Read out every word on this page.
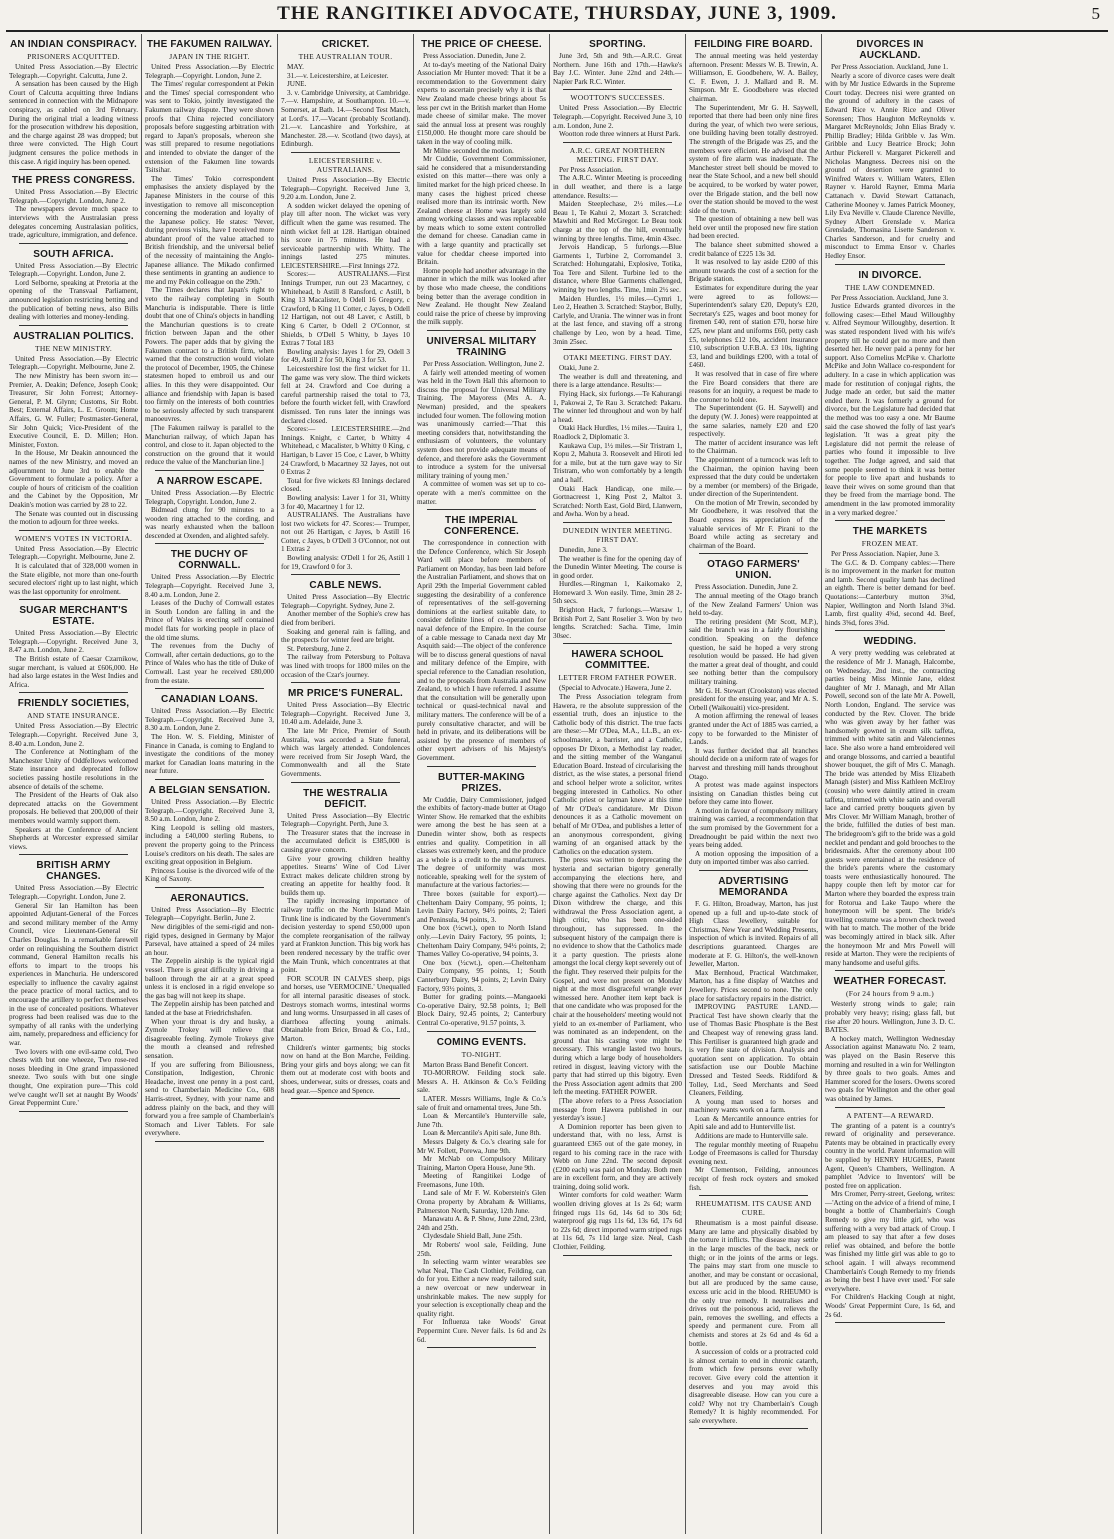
THE RANGITIKEI ADVOCATE, THURSDAY, JUNE 3, 1909.	5
AN INDIAN CONSPIRACY.
PRISONERS ACQUITTED.

United Press Association.—By Electric Telegraph.—Copyright. Calcutta, June 2.

A sensation has been caused by the High Court of Calcutta acquitting three Indians sentenced in connection with the Midnapore conspiracy, as cabled on 3rd February. During the original trial a leading witness for the prosecution withdrew his deposition, and the charge against 28 was dropped; but three were convicted. The High Court judgment censures the police methods in this case. A rigid inquiry has been opened.

THE PRESS CONGRESS.

United Press Association.—By Electric Telegraph.—Copyright. London, June 2.

The newspapers devote much space to interviews with the Australasian press delegates concerning Australasian politics, trade, agriculture, immigration, and defence.

SOUTH AFRICA.

United Press Association.—By Electric Telegraph.—Copyright. London, June 2.

Lord Selborne, speaking at Pretoria at the opening of the Transvaal Parliament, announced legislation restricting betting and the publication of betting news, also Bills dealing with lotteries and money-lending.

AUSTRALIAN POLITICS.
THE NEW MINISTRY.

United Press Association.—By Electric Telegraph.—Copyright. Melbourne, June 2.

The new Ministry has been sworn in:—Premier, A. Deakin; Defence, Joseph Cook; Treasurer, Sir John Forrest; Attorney-General, P. M. Glynn; Customs, Sir Robt. Best; External Affairs, L. E. Groom; Home Affairs, G. W. Fuller; Postmaster-General, Sir John Quick; Vice-President of the Executive Council, E. D. Millen; Hon. Minister, Foxton.

In the House, Mr Deakin announced the names of the new Ministry, and moved an adjournment to June 3rd to enable the Government to formulate a policy. After a couple of hours of criticism of the coalition and the Cabinet by the Opposition, Mr Deakin's motion was carried by 28 to 22.

The Senate was counted out in discussing the motion to adjourn for three weeks.

WOMEN'S VOTES IN VICTORIA.

United Press Association.—By Electric Telegraph.—Copyright. Melbourne, June 2.

It is calculated that of 328,000 women in the State eligible, not more than one-fourth secured electors' right up to last night, which was the last opportunity for enrolment.

SUGAR MERCHANT'S ESTATE.

United Press Association.—By Electric Telegraph.—Copyright. Received June 3, 8.47 a.m. London, June 2.

The British estate of Caesar Czarnikow, sugar merchant, is valued at £606,000. He had also large estates in the West Indies and Africa.

FRIENDLY SOCIETIES,
AND STATE INSURANCE.

United Press Association.—By Electric Telegraph.—Copyright. Received June 3, 8.40 a.m. London, June 2.

The Conference at Nottingham of the Manchester Unity of Oddfellows welcomed State insurance and deprecated follow societies passing hostile resolutions in the absence of details of the scheme.

The President of the Hearts of Oak also deprecated attacks on the Government proposals. He believed that 200,000 of their members would warmly support them.

Speakers at the Conference of Ancient Shepherds at Worcester expressed similar views.

BRITISH ARMY CHANGES.

United Press Association.—By Electric Telegraph.—Copyright. London, June 2.

General Sir Ian Hamilton has been appointed Adjutant-General of the Forces and second military member of the Army Council, vice Lieutenant-General Sir Charles Douglas. In a remarkable farewell order on relinquishing the Southern district command, General Hamilton recalls his efforts to impart to the troops his experiences in Manchuria. He underscored especially to influence the cavalry against the peace practice of moral tactics, and to encourage the artillery to perfect themselves in the use of concealed positions. Whatever progress had been realised was due to the sympathy of all ranks with the underlying aim, namely, preparedness and efficiency for war.

Two lovers with one evil-same cold, Two chests with but one wheeze, Two rose-red noses bleeding in One grand impassioned sneeze. Two souls with but one single thought, One expiration pure—'This cold we've caught we'll set at naught By Woods' Great Peppermint Cure.'

THE FAKUMEN RAILWAY.
JAPAN IN THE RIGHT.

United Press Association.—By Electric Telegraph.—Copyright. London, June 2.

The Times' regular correspondent at Pekin and the Times' special correspondent who was sent to Tokio, jointly investigated the Fakumen railway dispute. They were shown proofs that China rejected conciliatory proposals before suggesting arbitration with regard to Japan's proposals, whereon she was still prepared to resume negotiations and intended to obviate the danger of the extension of the Fakumen line towards Tsitsihar.

The Times' Tokio correspondent emphasises the anxiety displayed by the Japanese Ministers in the course of this investigation to remove all misconception concerning the moderation and loyalty of the Japanese policy. He states: 'Never, during previous visits, have I received more abundant proof of the value attached to British friendship, and the universal belief of the necessity of maintaining the Anglo-Japanese alliance. The Mikado confirmed these sentiments in granting an audience to me and my Pekin colleague on the 29th.'

The Times declares that Japan's right to veto the railway completing in South Manchuria is indisputable. There is little doubt that one of China's objects in handling the Manchurian questions is to create friction between Japan and the other Powers. The paper adds that by giving the Fakumen contract to a British firm, when warned that the construction would violate the protocol of December, 1905, the Chinese statesmen hoped to embroil us and our allies. In this they were disappointed. Our alliance and friendship with Japan is based too firmly on the interests of both countries to be seriously affected by such transparent manoeuvres.

[The Fakumen railway is parallel to the Manchurian railway, of which Japan has control, and close to it. Japan objected to the construction on the ground that it would reduce the value of the Manchurian line.]

A NARROW ESCAPE.

United Press Association.—By Electric Telegraph, Copyright. London, June 2.

Bidmead clung for 90 minutes to a wooden ring attached to the cording, and was nearly exhausted when the balloon descended at Oxenden, and alighted safely.

THE DUCHY OF CORNWALL.

United Press Association.—By Electric Telegraph—Copyright. Received June 3, 8.40 a.m. London, June 2.

Leases of the Duchy of Cornwall estates in South London are falling in and the Prince of Wales is erecting self contained model flats for working people in place of the old time slums.

The revenues from the Duchy of Cornwall, after certain deductions, go to the Prince of Wales who has the title of Duke of Cornwall. Last year he received £80,000 from the estate.

CANADIAN LOANS.

United Press Association.—By Electric Telegraph.—Copyright. Received June 3, 8.30 a.m. London, June 2.

The Hon. W. S. Fielding, Minister of Finance in Canada, is coming to England to investigate the conditions of the money market for Canadian loans maturing in the near future.

A BELGIAN SENSATION.

United Press Association.—By Electric Telegraph.—Copyright. Received June 3, 8.50 a.m. London, June 2.

King Leopold is selling old masters, including a £40,000 sterling Rubens, to prevent the property going to the Princess Louise's creditors on his death. The sales are exciting great opposition in Belgium.

Princess Louise is the divorced wife of the King of Saxony.

AERONAUTICS.

United Press Association—By Electric Telegraph—Copyright. Berlin, June 2.

New dirigibles of the semi-rigid and non-rigid types, designed in Germany by Major Parseval, have attained a speed of 24 miles an hour.

The Zeppelin airship is the typical rigid vessel. There is great difficulty in driving a balloon through the air at a great speed unless it is enclosed in a rigid envelope so the gas bag will not keep its shape.

The Zeppelin airship has been patched and landed at the base at Friedrichshafen.

When your throat is dry and husky, a Zymole Trokey will relieve that disagreeable feeling. Zymole Trokeys give the mouth a cleansed and refreshed sensation.

If you are suffering from Biliousness, Constipation, Indigestion, Chronic Headache, invest one penny in a post card, send to Chamberlain Medicine Co., 608 Harris-street, Sydney, with your name and address plainly on the back, and they will forward you a free sample of Chamberlain's Stomach and Liver Tablets. For sale everywhere.

CRICKET.
THE AUSTRALIAN TOUR.

MAY.

31.—v. Leicestershire, at Leicester.

JUNE.

3. v. Cambridge University, at Cambridge. 7.—v. Hampshire, at Southampton. 10.—v. Somerset, at Bath. 14.—Second Test Match, at Lord's. 17.—Vacant (probably Scotland). 21.—v. Lancashire and Yorkshire, at Manchester. 28.—v. Scotland (two days), at Edinburgh.

LEICESTERSHIRE v. AUSTRALIANS.

United Press Association—By Electric Telegraph—Copyright. Received June 3, 9.20 a.m. London, June 2.

A sodden wicket delayed the opening of play till after noon. The wicket was very difficult when the game was resumed. The ninth wicket fell at 128. Hartigan obtained his score in 75 minutes. He had a serviceable partnership with Whitty. The innings lasted 275 minutes. LEICESTERSHIRE.—First Innings 272.

Scores:— AUSTRALIANS.—First Innings Trumper, run out 23 Macartney, c Whitehead, b Astill 8 Ransford, c Astill, b King 13 Macalister, b Odell 16 Gregory, c Crawford, b King 11 Cotter, c Jayes, b Odell 12 Hartigan, not out 48 Laver, c Astill, b King 6 Carter, b Odell 2 O'Connor, st Shields, b O'Dell 5 Whitty, b Jayes 10 Extras 7 Total 183

Bowling analysis: Jayes 1 for 29, Odell 3 for 49, Astill 2 for 50, King 3 for 53.

Leicestershire lost the first wicket for 11. The game was very slow. The third wickets fell at 24. Crawford and Coe during a careful partnership raised the total to 73, before the fourth wicket fell, with Crawford dismissed. Ten runs later the innings was declared closed.

Scores:— LEICESTERSHIRE.—2nd Innings. Knight, c Carter, b Whitty 4 Whitehead, c Macalister, b Whitty 0 King, c Hartigan, b Laver 15 Coe, c Laver, b Whitty 24 Crawford, b Macartney 32 Jayes, not out 0 Extras 2

Total for five wickets 83 Innings declared closed.

Bowling analysis: Laver 1 for 31, Whitty 3 for 40, Macartney 1 for 12.

AUSTRALIANS. The Australians have lost two wickets for 47. Scores:— Trumper, not out 26 Hartigan, c Jayes, b Astill 16 Cotter, c Jayes, b O'Dell 3 O'Connor, not out 1 Extras 2

Bowling analysis: O'Dell 1 for 26, Astill 1 for 19, Crawford 0 for 3.

CABLE NEWS.

United Press Association—By Electric Telegraph—Copyright. Sydney, June 2.

Another member of the Sophie's crew has died from beriberi.

Soaking and general rain is falling, and the prospects for winter feed are bright.

St. Petersburg, June 2.

The railway from Petersburg to Poltava was lined with troops for 1800 miles on the occasion of the Czar's journey.

MR PRICE'S FUNERAL.

United Press Association—By Electric Telegraph—Copyright. Received June 3, 10.40 a.m. Adelaide, June 3.

The late Mr Price, Premier of South Australia, was accorded a State funeral, which was largely attended. Condolences were received from Sir Joseph Ward, the Commonwealth and all the State Governments.

THE WESTRALIA DEFICIT.

United Press Association—By Electric Telegraph—Copyright. Perth, June 3.

The Treasurer states that the increase in the accumulated deficit is £385,000 is causing grave concern.

Give your growing children healthy appetites. Stearns' Wine of Cod Liver Extract makes delicate children strong by creating an appetite for healthy food. It builds them up.

The rapidly increasing importance of railway traffic on the North Island Main Trunk line is indicated by the Government's decision yesterday to spend £50,000 upon the complete reorganisation of the railway yard at Frankton Junction. This big work has been rendered necessary by the traffic over the Main Trunk, which concentrates at that point.

FOR SCOUR IN CALVES sheep, pigs and horses, use 'VERMOCINE.' Unequalled for all internal parasitic diseases of stock. Destroys stomach worms, intestinal worms and lung worms. Unsurpassed in all cases of diarrhoea affecting young animals. Obtainable from Brice, Broad & Co., Ltd., Marton.

Children's winter garments; big stocks now on hand at the Bon Marche, Feilding. Bring your girls and boys along; we can fit them out at moderate cost with boots and shoes, underwear, suits or dresses, coats and head gear.—Spence and Spence.

THE PRICE OF CHEESE.

Press Association. Dunedin, June 2.

At to-day's meeting of the National Dairy Association Mr Hunter moved: That it be a recommendation to the Government dairy experts to ascertain precisely why it is that New Zealand made cheese brings about 5s less per cwt in the British market than Home made cheese of similar make. The mover said the annual loss at present was roughly £150,000. He thought more care should be taken in the way of cooling milk.

Mr Milne seconded the motion.

Mr Cuddie, Government Commissioner, said he considered that a misunderstanding existed on this matter—there was only a limited market for the high priced cheese. In many cases the highest priced cheese realised more than its intrinsic worth. New Zealand cheese at Home was largely sold among working classes and was replaceable by meats which to some extent controlled the demand for cheese. Canadian came in with a large quantity and practically set value for cheddar cheese imported into Britain.

Home people had another advantage in the manner in which the milk was looked after by those who made cheese, the conditions being better than the average condition in New Zealand. He thought New Zealand could raise the price of cheese by improving the milk supply.

UNIVERSAL MILITARY TRAINING

Per Press Association. Wellington, June 2.

A fairly well attended meeting of women was held in the Town Hall this afternoon to discuss the proposal for Universal Military Training. The Mayoress (Mrs A. A. Newman) presided, and the speakers included four women. The following motion was unanimously carried:—'That this meeting considers that, notwithstanding the enthusiasm of volunteers, the voluntary system does not provide adequate means of defence, and therefore asks the Government to introduce a system for the universal military training of young men.'

A committee of women was set up to co-operate with a men's committee on the matter.

THE IMPERIAL CONFERENCE.

The correspondence in connection with the Defence Conference, which Sir Joseph Ward will place before members of Parliament on Monday, has been laid before the Australian Parliament, and shows that on April 29th the Imperial Government cabled suggesting the desirability of a conference of representatives of the self-governing dominions at the earliest suitable date, to consider definite lines of co-operation for naval defence of the Empire. In the course of a cable message to Canada next day Mr Asquith said:—The object of the conference will be to discuss general questions of naval and military defence of the Empire, with special reference to the Canadian resolution, and to the proposals from Australia and New Zealand, to which I have referred. I assume that the consultation will be generally upon technical or quasi-technical naval and military matters. The conference will be of a purely consultative character, and will be held in private, and its deliberations will be assisted by the presence of members of other expert advisers of his Majesty's Government.

BUTTER-MAKING PRIZES.

Mr Cuddie, Dairy Commissioner, judged the exhibits of factory-made butter at Otago Winter Show. He remarked that the exhibits were among the best he has seen at a Dunedin winter show, both as respects entries and quality. Competition in all classes was extremely keen, and the produce as a whole is a credit to the manufacturers. The degree of uniformity was most noticeable, speaking well for the system of manufacture at the various factories:—

Three boxes (suitable for export).—Cheltenham Dairy Company, 95 points, 1; Levin Dairy Factory, 94½ points, 2; Taieri and Peninsula, 94 points, 3.

One box (½cwt.), open to North Island only.—Levin Dairy Factory, 95 points, 1; Cheltenham Dairy Company, 94½ points, 2; Thames Valley Co-operative, 94 points, 3.

One box (½cwt.), open.—Cheltenham Dairy Company, 95 points, 1; South Canterbury Dairy, 94 points, 2; Levin Dairy Factory, 93½ points, 3.

Butter for grading points.—Mangaoeki Co-operative Dairy, 92.58 points, 1; Bell Block Dairy, 92.45 points, 2; Canterbury Central Co-operative, 91.57 points, 3.

COMING EVENTS.
TO-NIGHT.

Marton Brass Band Benefit Concert.

TO-MORROW. Feilding stock sale. Messrs A. H. Atkinson & Co.'s Feilding sale.

LATER. Messrs Williams, Ingle & Co.'s sale of fruit and ornamental trees, June 5th.

Loan & Mercantile's Hunterville sale, June 7th.

Loan & Mercantile's Apiti sale, June 8th.

Messrs Dalgety & Co.'s clearing sale for Mr W. Follett, Porewa, June 9th.

Mr McNab on Compulsory Military Training, Marton Opera House, June 9th.

Meeting of Rangitikei Lodge of Freemasons, June 10th.

Land sale of Mr F. W. Koberstein's Glen Orona property by Abraham & Williams, Palmerston North, Saturday, 12th June.

Manawatu A. & P. Show, June 22nd, 23rd, 24th and 25th.

Clydesdale Shield Ball, June 25th.

Mr Roberts' wool sale, Feilding, June 25th.

In selecting warm winter wearables see what Neal, The Cash Clothier, Feilding, can do for you. Either a new ready tailored suit, a new overcoat or new underwear in unshrinkable makes. The new supply for your selection is exceptionally cheap and the quality right.

For Influenza take Woods' Great Peppermint Cure. Never fails. 1s 6d and 2s 6d.

SPORTING.

June 3rd, 5th and 9th.—A.R.C. Great Northern. June 16th and 17th.—Hawke's Bay J.C. Winter. June 22nd and 24th.—Napier Park R.C. Winter.

WOOTTON'S SUCCESSES.

United Press Association.—By Electric Telegraph.—Copyright. Received June 3, 10 a.m. London, June 2.

Wootton rode three winners at Hurst Park.

A.R.C. GREAT NORTHERN MEETING. FIRST DAY.

Per Press Association.

The A.R.C. Winter Meeting is proceeding in dull weather, and there is a large attendance. Results:—

Maiden Steeplechase, 2½ miles.—Le Beau 1, Te Kahui 2, Mozart 3. Scratched: Mawhiti and Red McGregor. Le Beau took charge at the top of the hill, eventually winning by three lengths. Time, 4min 43sec.

Jervois Handicap, 5 furlongs.—Blue Garments 1, Turbine 2, Corromandel 3. Scratched: Hohungatahi, Explosive, Totika, Toa Tere and Silent. Turbine led to the distance, where Blue Garments challenged, winning by two lengths. Time, 1min 2½ sec.

Maiden Hurdles, 1½ miles.—Cymri 1, Leo 2, Heathen 3. Scratched: Staybor, Bully, Carlyle, and Urania. The winner was in front at the last fence, and staving off a strong challenge by Leo, won by a head. Time, 3min 25sec.

OTAKI MEETING. FIRST DAY.

Otaki, June 2.

The weather is dull and threatening, and there is a large attendance. Results:—

Flying Hack, six furlongs.—Te Kahurangi 1, Pakowai 2, Te Rau 3. Scratched: Pakaru. The winner led throughout and won by half a head.

Otaki Hack Hurdles, 1½ miles.—Tauira 1, Roadlock 2, Diplomatic 3.

Kaukawa Cup, 1½ miles.—Sir Tristram 1, Kopu 2, Mahuta 3. Roosevelt and Hiroti led for a mile, but at the turn gave way to Sir Tristram, who won comfortably by a length and a half.

Otaki Hack Handicap, one mile.—Gortnacreest 1, King Post 2, Maltot 3. Scratched: North East, Gold Bird, Llanwern, and Awha. Won by a head.

DUNEDIN WINTER MEETING. FIRST DAY.

Dunedin, June 3.

The weather is fine for the opening day of the Dunedin Winter Meeting. The course is in good order.

Hurdles.—Ringman 1, Kaikomako 2, Homeward 3. Won easily. Time, 3min 28 2-5th secs.

Brighton Hack, 7 furlongs.—Warsaw 1, British Port 2, Sant Roselier 3. Won by two lengths. Scratched: Sacha. Time, 1min 30sec.

HAWERA SCHOOL COMMITTEE.
LETTER FROM FATHER POWER.

(Special to Advocate.) Hawera, June 2.

The Press Association telegram from Hawera, re the absolute suppression of the essential truth, does an injustice to the Catholic body of this district. The true facts are these:—Mr O'Dea, M.A., LL.B., an ex-schoolmaster, a barrister, and a Catholic, opposes Dr Dixon, a Methodist lay reader, and the sitting member of the Wanganui Education Board. Instead of circularising the district, as the wise states, a personal friend and school helper wrote a solicitor, writes begging interested in Catholics. No other Catholic priest or layman knew at this time of Mr O'Dea's candidature. Mr Dixon denounces it as a Catholic movement on behalf of Mr O'Dea, and publishes a letter of an anonymous correspondent, giving warning of an organised attack by the Catholics on the education system.

The press was written to deprecating the hysteria and sectarian bigotry generally accompanying the elections here, and showing that there were no grounds for the charge against the Catholics. Next day Dr Dixon withdrew the charge, and this withdrawal the Press Association agent, a high critic, who has been one-sided throughout, has suppressed. In the subsequent history of the campaign there is no evidence to show that the Catholics made it a party question. The priests alone amongst the local clergy kept severely out of the fight. They reserved their pulpits for the Gospel, and were not present on Monday night at the most disgraceful wrangle ever witnessed here. Another item kept back is that one candidate who was proposed for the chair at the householders' meeting would not yield to an ex-member of Parliament, who was nominated as an independent, on the ground that his casting vote might be necessary. This wrangle lasted two hours, during which a large body of householders retired in disgust, leaving victory with the party that had stirred up this bigotry. Even the Press Association agent admits that 200 left the meeting. FATHER POWER.

[The above refers to a Press Association message from Hawera published in our yesterday's issue.]

A Dominion reporter has been given to understand that, with no less, Arnst is guaranteed £365 out of the gate money, in regard to his coming race in the race with Webb on June 22nd. The second deposit (£200 each) was paid on Monday. Both men are in excellent form, and they are actively training, doing solid work.

Winter comforts for cold weather: Warm woollen driving gloves at 1s 2s 6d; warm fringed rugs 11s 6d, 14s 6d to 30s 6d; waterproof gig rugs 11s 6d, 13s 6d, 17s 6d to 22s 6d; direct imported warm striped rugs at 11s 6d, 7s 11d large size. Neal, Cash Clothier, Feilding.

FEILDING FIRE BOARD.

The annual meeting was held yesterday afternoon. Present: Messrs W. B. Trewin, A. Williamson, E. Goodbehere, W. A. Bailey, C. F. Ewen, J. J. Mallard and R. M. Simpson. Mr E. Goodbehere was elected chairman.

The Superintendent, Mr G. H. Saywell, reported that there had been only nine fires during the year, of which two were serious, one building having been totally destroyed. The strength of the Brigade was 25, and the members were efficient. He advised that the system of fire alarm was inadequate. The Manchester street bell should be moved to near the State School, and a new bell should be acquired, to be worked by water power, over the Brigade station, and the bell now over the station should be moved to the west side of the town.

The question of obtaining a new bell was held over until the proposed new fire station had been erected.

The balance sheet submitted showed a credit balance of £225 13s 3d.

It was resolved to lay aside £200 of this amount towards the cost of a section for the Brigade station.

Estimates for expenditure during the year were agreed to as follows:—Superintendent's salary £20, Deputy's £20, Secretary's £25, wages and boot money for firemen £40, rent of station £70, horse hire £25, new plant and uniforms £60, petty cash £5, telephones £12 10s, accident insurance £10, subscription U.F.B.A. £3 10s, lighting £3, land and buildings £200, with a total of £460.

It was resolved that in case of fire where the Fire Board considers that there are reasons for an inquiry, a request be made to the coroner to hold one.

The Superintendent (G. H. Saywell) and the deputy (W. J. Jones) were reappointed at the same salaries, namely £20 and £20 respectively.

The matter of accident insurance was left to the Chairman.

The appointment of a turncock was left to the Chairman, the opinion having been expressed that the duty could be undertaken by a member (or members) of the Brigade, under direction of the Superintendent.

On the motion of Mr Trewin, seconded by Mr Goodbehere, it was resolved that the Board express its appreciation of the valuable services of Mr F. Pirani to the Board while acting as secretary and chairman of the Board.

OTAGO FARMERS' UNION.

Press Association. Dunedin, June 2.

The annual meeting of the Otago branch of the New Zealand Farmers' Union was held to-day.

The retiring president (Mr Scott, M.P.), said the branch was in a fairly flourishing condition. Speaking on the defence question, he said he hoped a very strong resolution would be passed. He had given the matter a great deal of thought, and could see nothing better than the compulsory military training.

Mr G. H. Stewart (Crookston) was elected president for the ensuing year, and Mr A. S. Orbell (Waikouaiti) vice-president.

A motion affirming the renewal of leases granted under the Act of 1885 was carried, a copy to be forwarded to the Minister of Lands.

It was further decided that all branches should decide on a uniform rate of wages for harvest and threshing mill hands throughout Otago.

A protest was made against inspectors insisting on Canadian thistles being cut before they came into flower.

A motion in favour of compulsory military training was carried, a recommendation that the sum promised by the Government for a Dreadnought be paid within the next two years being added.

A motion opposing the imposition of a duty on imported timber was also carried.

ADVERTISING MEMORANDA

F. G. Hilton, Broadway, Marton, has just opened up a full and up-to-date stock of High Class Jewellery, suitable for Christmas, New Year and Wedding Presents, inspection of which is invited. Repairs of all descriptions guaranteed. Charges are moderate at F. G. Hilton's, the well-known Jeweller, Marton.

Max Bernhoud, Practical Watchmaker, Marton, has a fine display of Watches and Jewellery. Prices second to none. The only place for satisfactory repairs in the district.

IMPROVING PASTURE LAND.—Practical Test have shown clearly that the use of Thomas Basic Phosphate is the Best and Cheapest way of renewing grass land. This Fertiliser is guaranteed high grade and is very fine state of division. Analysis and quotation sent on application. To obtain satisfaction use our Double Machine Dressed and Tested Seeds. Riddiford & Tolley, Ltd., Seed Merchants and Seed Cleaners, Feilding.

A young man used to horses and machinery wants work on a farm.

Loan & Mercantile announce entries for Apiti sale and add to Hunterville list.

Additions are made to Hunterville sale.

The regular monthly meeting of Ruapehu Lodge of Freemasons is called for Thursday evening next.

Mr Clementson, Feilding, announces receipt of fresh rock oysters and smoked fish.

RHEUMATISM. ITS CAUSE AND CURE.

Rheumatism is a most painful disease. Many are lame and physically disabled by the torture it inflicts. The disease may settle in the large muscles of the back, neck or thigh; or in the joints of the arms or legs. The pains may start from one muscle to another, and may be constant or occasional, but all are produced by the same cause, excess uric acid in the blood. RHEUMO is the only true remedy. It neutralises and drives out the poisonous acid, relieves the pain, removes the swelling, and effects a speedy and permanent cure. From all chemists and stores at 2s 6d and 4s 6d a bottle.

A succession of colds or a protracted cold is almost certain to end in chronic catarrh, from which few persons ever wholly recover. Give every cold the attention it deserves and you may avoid this disagreeable disease. How can you cure a cold? Why not try Chamberlain's Cough Remedy? It is highly recommended. For sale everywhere.

DIVORCES IN AUCKLAND.

Per Press Association. Auckland, June 1.

Nearly a score of divorce cases were dealt with by Mr Justice Edwards in the Supreme Court today. Decrees nisi were granted on the ground of adultery in the cases of Edward Rice v. Annie Rice and Oliver Sorensen; Thos Haughton McReynolds v. Margaret McReynolds; John Elias Brady v. Phillip Bradley; Hilda Gribble v. Jas Wm. Gribble and Lucy Beatrice Brock; John Arthur Pickerell v. Margaret Pickerell and Nicholas Mangness. Decrees nisi on the ground of desertion were granted to Winifred Waters v. William Waters, Ellen Rayner v. Harold Rayner, Emma Maria Cattanach v. David Stewart Cattanach, Catherine Mooney v. James Patrick Mooney, Lily Eva Neville v. Claude Clarence Neville, Sydney Albert Grenslade v. Marica Grenslade, Thomasina Lisette Sanderson v. Charles Sanderson, and for cruelty and misconduct to Emma Ensor v. Charles Hedley Ensor.

IN DIVORCE.
THE LAW CONDEMNED.

Per Press Association. Auckland, June 3.

Justice Edwards granted divorces in the following cases:—Ethel Maud Willoughby v. Alfred Seymour Willoughby, desertion. It was stated respondent lived with his wife's property till he could get no more and then deserted her. He never paid a penny for her support. Also Cornelius McPike v. Charlotte McPike and John Wallace co-respondent for adultery. In a case in which application was made for restitution of conjugal rights, the Judge made an order, but said the matter ended there. It was formerly a ground for divorce, but the Legislature had decided that the method was too easy a one. Mr Baume said the case showed the folly of last year's legislation. 'It was a great pity the Legislature did not permit the release of parties who found it impossible to live together. The Judge agreed, and said that some people seemed to think it was better for people to live apart and husbands to leave their wives on some ground than that they be freed from the marriage bond. The amendment in the law promoted immorality in a very marked degree.'

THE MARKETS
FROZEN MEAT.

Per Press Association. Napier, June 3.

The G.C. & D. Company cables:—There is no improvement in the market for mutton and lamb. Second quality lamb has declined an eighth. There is better demand for beef. Quotations:—Canterbury mutton 3⅝d, Napier, Wellington and North Island 3⅝d. Lamb, first quality 4⅝d, second 4d. Beef, hinds 3⅝d, fores 3⅝d.

WEDDING.

A very pretty wedding was celebrated at the residence of Mr J. Managh, Halcombe, on Wednesday, 2nd inst., the contracting parties being Miss Minnie Jane, eldest daughter of Mr J. Managh, and Mr Allan Powell, second son of the late Mr A. Powell, North London, England. The service was conducted by the Rev. Clover. The bride who was given away by her father was handsomely gowned in cream silk taffeta, trimmed with white satin and Valenciennes lace. She also wore a hand embroidered veil and orange blossoms, and carried a beautiful shower bouquet, the gift of Mrs C. Managh. The bride was attended by Miss Elizabeth Managh (sister) and Miss Kathleen McElroy (cousin) who were daintily attired in cream taffeta, trimmed with white satin and overall lace and carried pretty bouquets given by Mrs Clover. Mr William Managh, brother of the bride, fulfilled the duties of best man. The bridegroom's gift to the bride was a gold necklet and pendant and gold brooches to the bridesmaids. After the ceremony about 100 guests were entertained at the residence of the bride's parents where the customary toasts were enthusiastically honoured. The happy couple then left by motor car for Marton where they boarded the express train for Rotorua and Lake Taupo where the honeymoon will be spent. The bride's travelling costume was a brown check tweed with hat to match. The mother of the bride was becomingly attired in black silk. After the honeymoon Mr and Mrs Powell will reside at Marton. They were the recipients of many handsome and useful gifts.

WEATHER FORECAST.
(For 24 hours from 9 a.m.)

Westerly strong winds to gale; rain probably very heavy; rising; glass fall, but rise after 20 hours. Wellington, June 3. D. C. BATES.

A hockey match, Wellington Wednesday Association against Manawatu No. 2 team, was played on the Basin Reserve this morning and resulted in a win for Wellington by three goals to two goals. Ames and Hammer scored for the losers. Owens scored two goals for Wellington and the other goal was obtained by James.

A PATENT—A REWARD.

The granting of a patent is a country's reward of originality and perseverance. Patents may be obtained in practically every country in the world. Patent information will be supplied by HENRY HUGHES, Patent Agent, Queen's Chambers, Wellington. A pamphlet 'Advice to Inventors' will be posted free on application.

Mrs Cromer, Perry-street, Geelong, writes:—'Acting on the advice of a friend of mine, I bought a bottle of Chamberlain's Cough Remedy to give my little girl, who was suffering with a very bad attack of Croup. I am pleased to say that after a few doses relief was obtained, and before the bottle was finished my little girl was able to go to school again. I will always recommend Chamberlain's Cough Remedy to my friends as being the best I have ever used.' For sale everywhere.

For Children's Hacking Cough at night, Woods' Great Peppermint Cure, 1s 6d, and 2s 6d.
